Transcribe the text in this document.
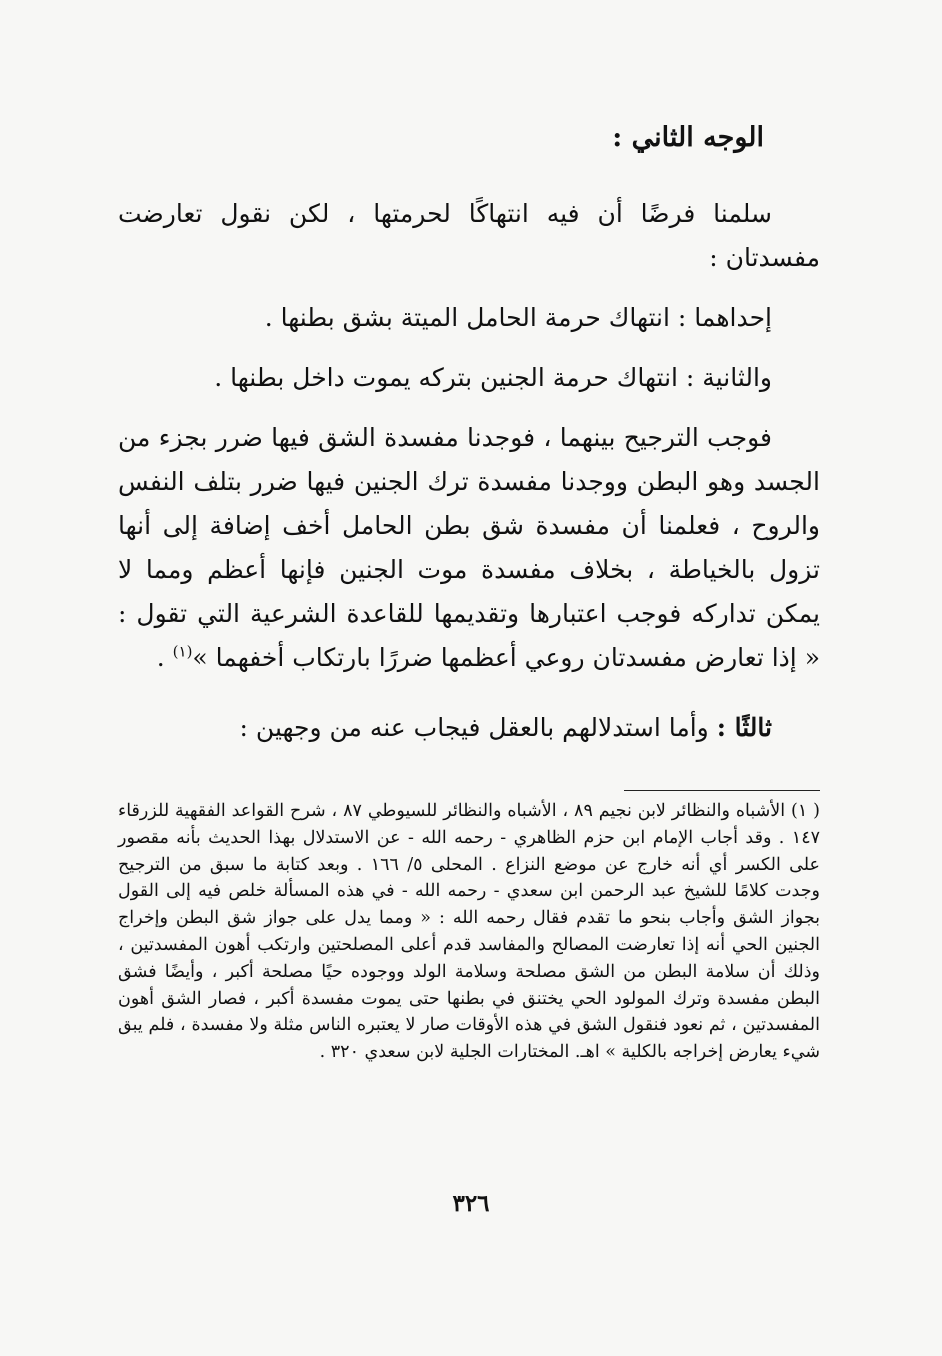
الوجه الثاني :
سلمنا فرضًا أن فيه انتهاكًا لحرمتها ، لكن نقول تعارضت مفسدتان :
إحداهما : انتهاك حرمة الحامل الميتة بشق بطنها .
والثانية : انتهاك حرمة الجنين بتركه يموت داخل بطنها .
فوجب الترجيح بينهما ، فوجدنا مفسدة الشق فيها ضرر بجزء من الجسد وهو البطن ووجدنا مفسدة ترك الجنين فيها ضرر بتلف النفس والروح ، فعلمنا أن مفسدة شق بطن الحامل أخف إضافة إلى أنها تزول بالخياطة ، بخلاف مفسدة موت الجنين فإنها أعظم ومما لا يمكن تداركه فوجب اعتبارها وتقديمها للقاعدة الشرعية التي تقول : « إذا تعارض مفسدتان روعي أعظمها ضررًا بارتكاب أخفهما »$^{(١)}$ .
ثالثًا : وأما استدلالهم بالعقل فيجاب عنه من وجهين :
( ١) الأشباه والنظائر لابن نجيم ٨٩ ، الأشباه والنظائر للسيوطي ٨٧ ، شرح القواعد الفقهية للزرقاء ١٤٧ . وقد أجاب الإمام ابن حزم الظاهري - رحمه الله - عن الاستدلال بهذا الحديث بأنه مقصور على الكسر أي أنه خارج عن موضع النزاع . المحلى ٥/ ١٦٦ . وبعد كتابة ما سبق من الترجيح وجدت كلامًا للشيخ عبد الرحمن ابن سعدي - رحمه الله - في هذه المسألة خلص فيه إلى القول بجواز الشق وأجاب بنحو ما تقدم فقال رحمه الله : « ومما يدل على جواز شق البطن وإخراج الجنين الحي أنه إذا تعارضت المصالح والمفاسد قدم أعلى المصلحتين وارتكب أهون المفسدتين ، وذلك أن سلامة البطن من الشق مصلحة وسلامة الولد ووجوده حيًا مصلحة أكبر ، وأيضًا فشق البطن مفسدة وترك المولود الحي يختنق في بطنها حتى يموت مفسدة أكبر ، فصار الشق أهون المفسدتين ، ثم نعود فنقول الشق في هذه الأوقات صار لا يعتبره الناس مثلة ولا مفسدة ، فلم يبق شيء يعارض إخراجه بالكلية » اهـ. المختارات الجلية لابن سعدي ٣٢٠ .
٣٢٦
